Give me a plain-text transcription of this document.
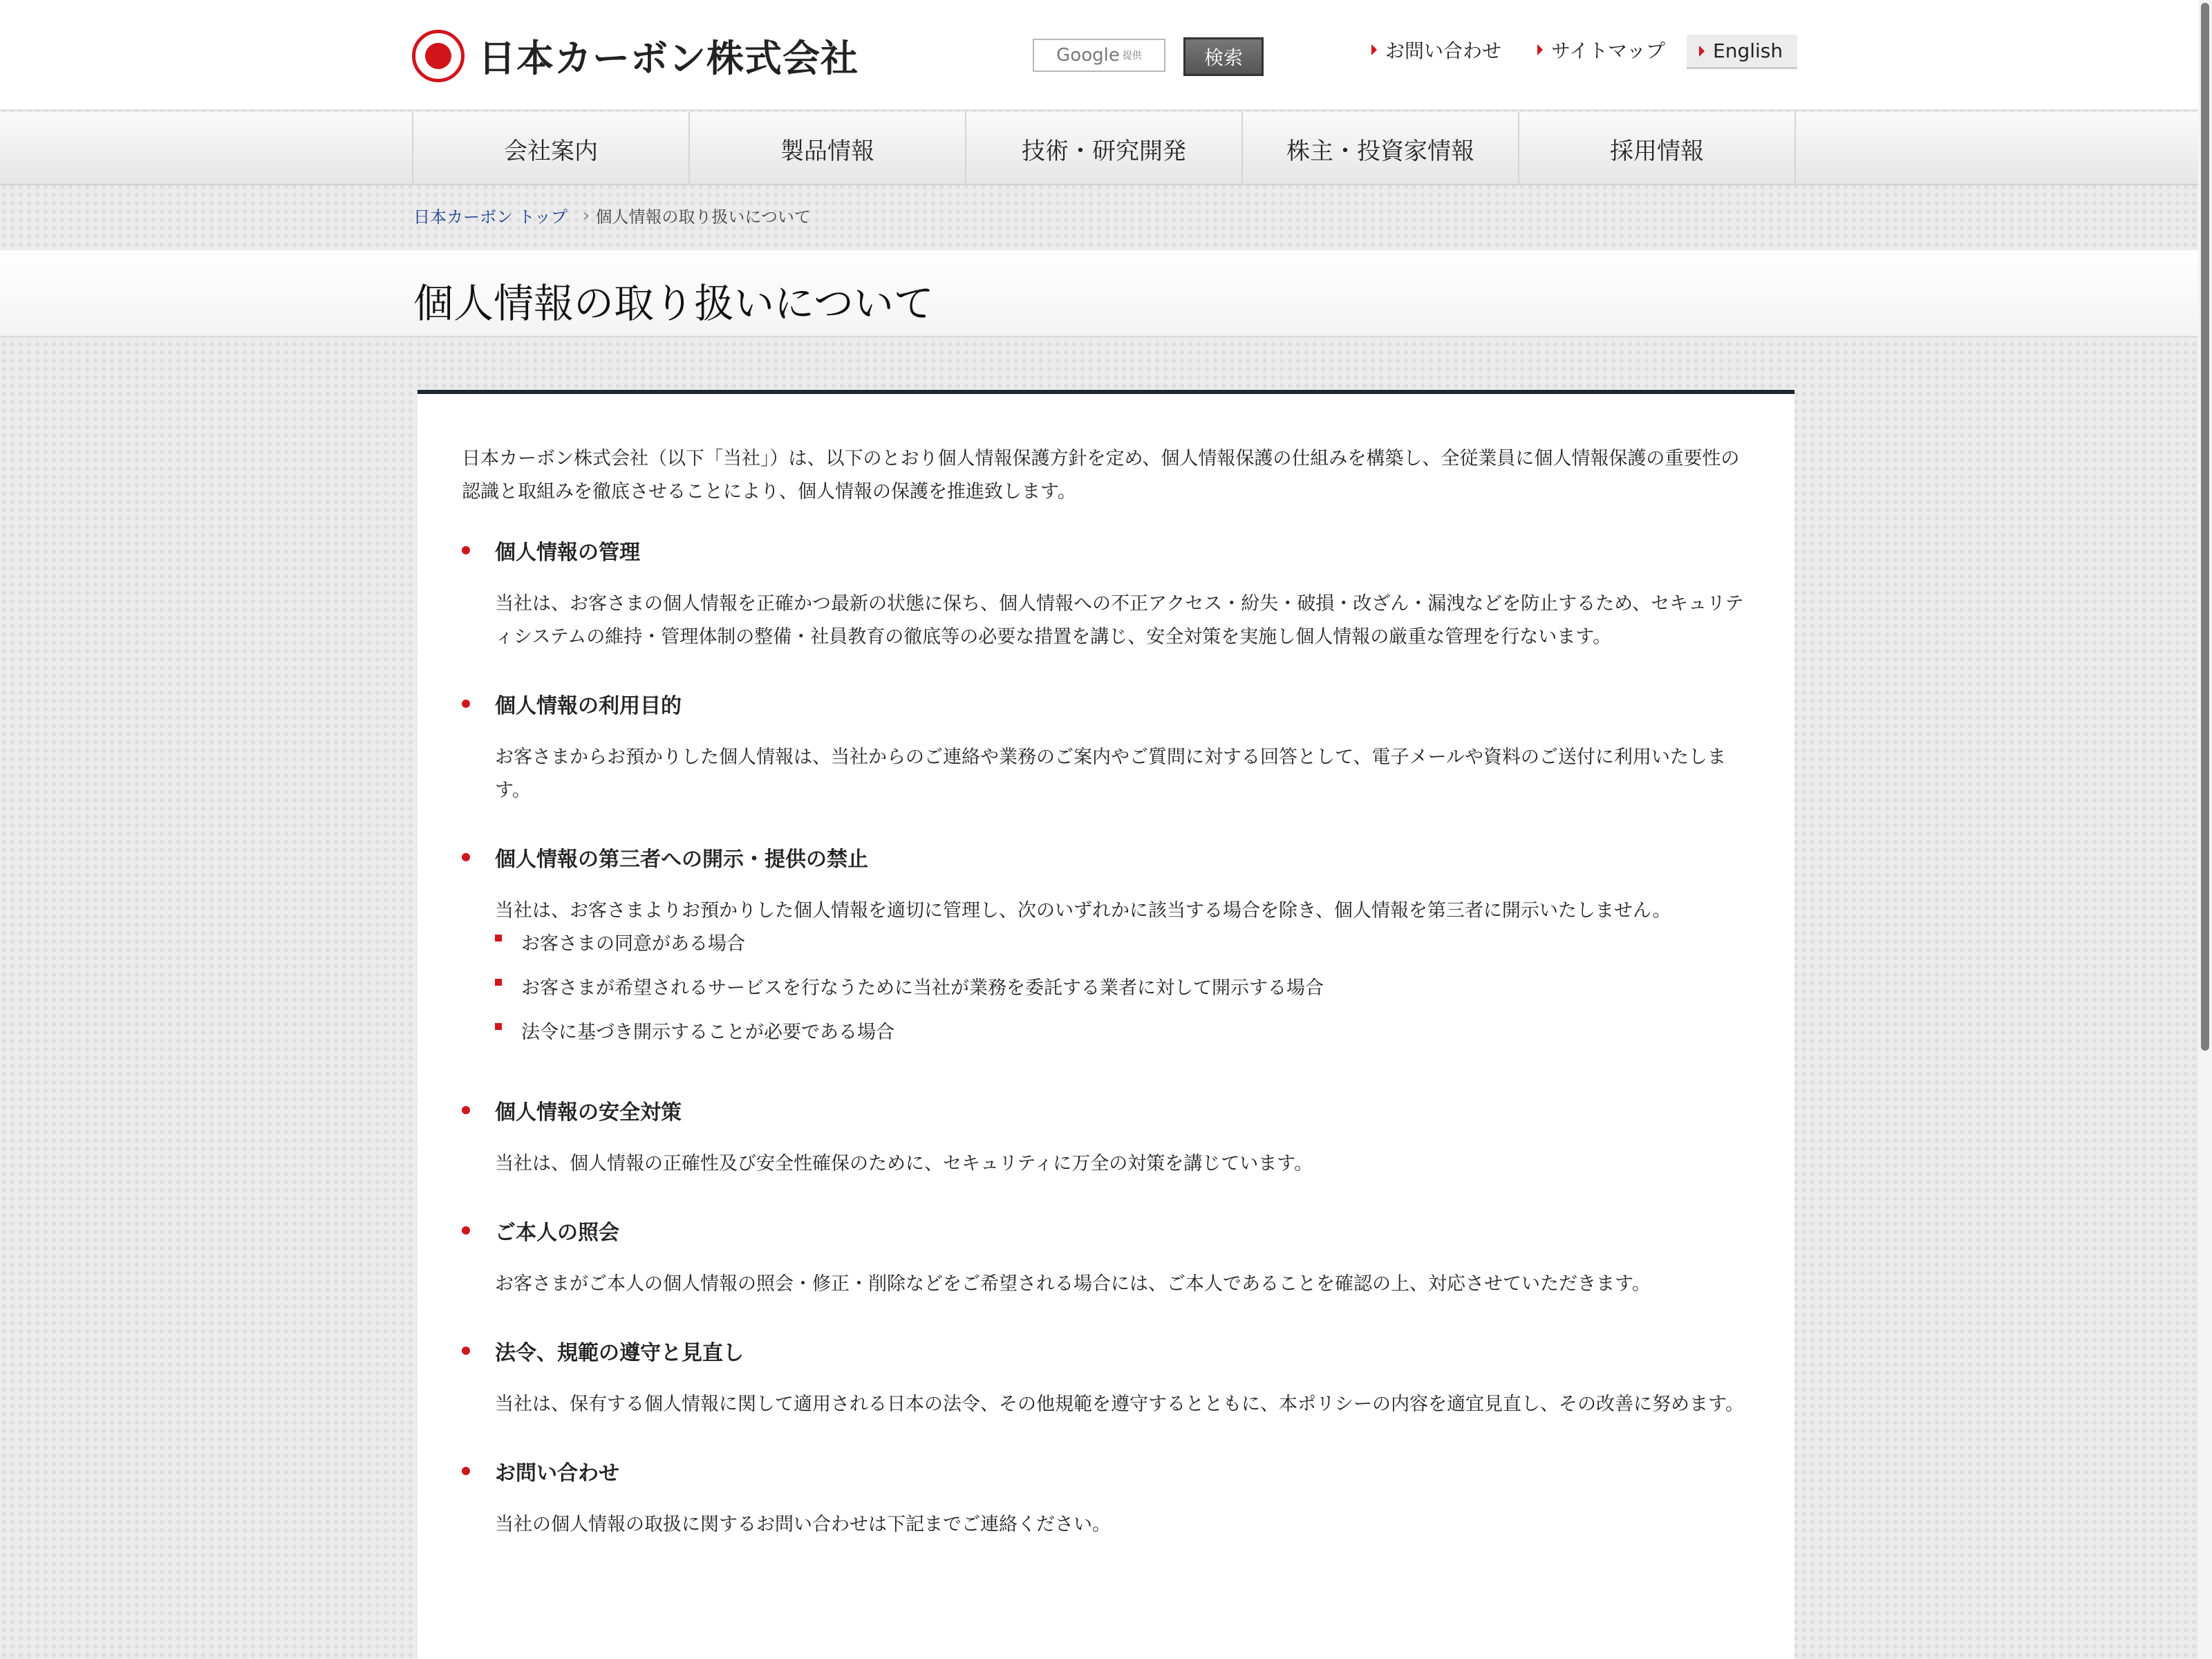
日本カーボン株式会社	Google 提供	検索	お問い合わせ	サイトマップ	English
会社案内	製品情報	技術・研究開発	株主・投資家情報	採用情報
日本カーボン トップ › 個人情報の取り扱いについて
個人情報の取り扱いについて

日本カーボン株式会社（以下「当社」）は、以下のとおり個人情報保護方針を定め、個人情報保護の仕組みを構築し、全従業員に個人情報保護の重要性の認識と取組みを徹底させることにより、個人情報の保護を推進致します。

個人情報の管理

当社は、お客さまの個人情報を正確かつ最新の状態に保ち、個人情報への不正アクセス・紛失・破損・改ざん・漏洩などを防止するため、セキュリティシステムの維持・管理体制の整備・社員教育の徹底等の必要な措置を講じ、安全対策を実施し個人情報の厳重な管理を行ないます。

個人情報の利用目的

お客さまからお預かりした個人情報は、当社からのご連絡や業務のご案内やご質問に対する回答として、電子メールや資料のご送付に利用いたします。

個人情報の第三者への開示・提供の禁止

当社は、お客さまよりお預かりした個人情報を適切に管理し、次のいずれかに該当する場合を除き、個人情報を第三者に開示いたしません。

お客さまの同意がある場合
お客さまが希望されるサービスを行なうために当社が業務を委託する業者に対して開示する場合
法令に基づき開示することが必要である場合
個人情報の安全対策

当社は、個人情報の正確性及び安全性確保のために、セキュリティに万全の対策を講じています。

ご本人の照会

お客さまがご本人の個人情報の照会・修正・削除などをご希望される場合には、ご本人であることを確認の上、対応させていただきます。

法令、規範の遵守と見直し

当社は、保有する個人情報に関して適用される日本の法令、その他規範を遵守するとともに、本ポリシーの内容を適宜見直し、その改善に努めます。

お問い合わせ

当社の個人情報の取扱に関するお問い合わせは下記までご連絡ください。
